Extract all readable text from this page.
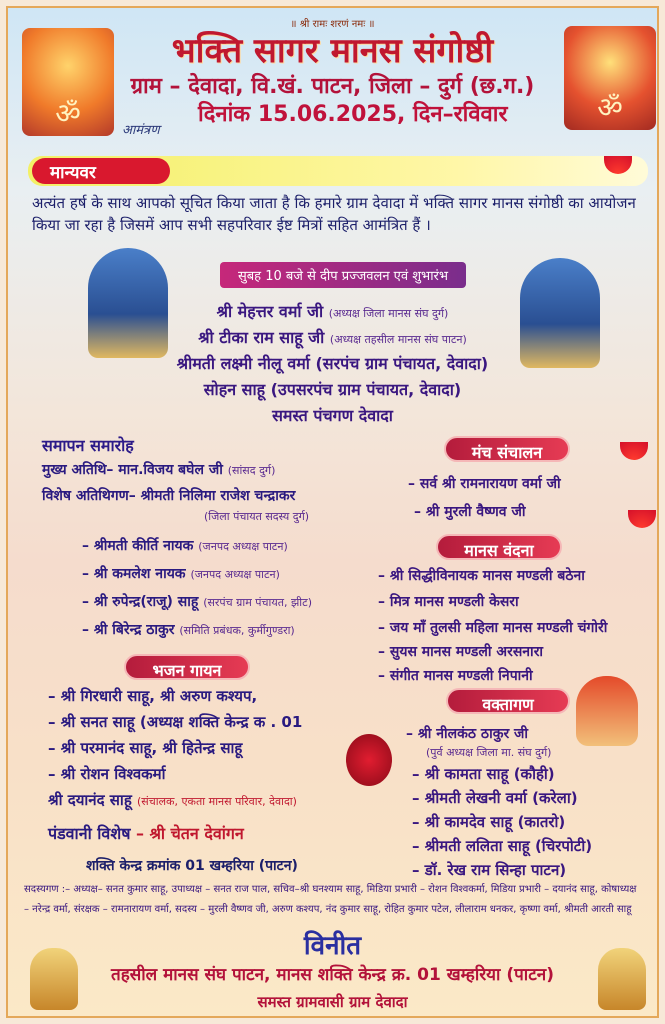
ॐ	ॐ
॥ श्री रामः शरणं नमः ॥
भक्ति सागर मानस संगोष्ठी
ग्राम – देवादा, वि.खं. पाटन, जिला – दुर्ग (छ.ग.)
आमंत्रण
दिनांक 15.06.2025, दिन–रविवार
मान्यवर
अत्यंत हर्ष के साथ आपको सूचित किया जाता है कि हमारे ग्राम देवादा में भक्ति सागर मानस संगोष्ठी का आयोजन किया जा रहा है जिसमें आप सभी सहपरिवार ईष्ट मित्रों सहित आमंत्रित हैं ।
सुबह 10 बजे से दीप प्रज्जवलन एवं शुभारंभ
श्री मेहत्तर वर्मा जी (अध्यक्ष जिला मानस संघ दुर्ग)
श्री टीका राम साहू जी (अध्यक्ष तहसील मानस संघ पाटन)
श्रीमती लक्ष्मी नीलू वर्मा (सरपंच ग्राम पंचायत, देवादा)
सोहन साहू (उपसरपंच ग्राम पंचायत, देवादा)
समस्त पंचगण देवादा
समापन समारोह
मुख्य अतिथि– मान.विजय बघेल जी (सांसद दुर्ग)
विशेष अतिथिगण– श्रीमती निलिमा राजेश चन्द्राकर
(जिला पंचायत सदस्य दुर्ग)
– श्रीमती कीर्ति नायक (जनपद अध्यक्ष पाटन)
– श्री कमलेश नायक (जनपद अध्यक्ष पाटन)
– श्री रुपेन्द्र(राजू) साहू (सरपंच ग्राम पंचायत, झीट)
– श्री बिरेन्द्र ठाकुर (समिति प्रबंधक, कुर्मीगुण्डरा)
मंच संचालन
– सर्व श्री रामनारायण वर्मा जी
– श्री मुरली वैष्णव जी
मानस वंदना
– श्री सिद्धीविनायक मानस मण्डली बठेना
– मित्र मानस मण्डली केसरा
– जय माँ तुलसी महिला मानस मण्डली चंगोरी
– सुयस मानस मण्डली अरसनारा
– संगीत मानस मण्डली निपानी
भजन गायन
– श्री गिरधारी साहू, श्री अरुण कश्यप,
– श्री सनत साहू (अध्यक्ष शक्ति केन्द्र क . 01
– श्री परमानंद साहू, श्री हितेन्द्र साहू
– श्री रोशन विश्वकर्मा
श्री दयानंद साहू (संचालक, एकता मानस परिवार, देवादा)
पंडवानी विशेष – श्री चेतन देवांगन
शक्ति केन्द्र क्रमांक 01 खम्हरिया (पाटन)
वक्तागण
– श्री नीलकंठ ठाकुर जी
(पुर्व अध्यक्ष जिला मा. संघ दुर्ग)
– श्री कामता साहू (कौही)
– श्रीमती लेखनी वर्मा (करेला)
– श्री कामदेव साहू (कातरो)
– श्रीमती ललिता साहू (चिरपोटी)
– डॉ. रेख राम सिन्हा पाटन)
सदस्यगण :– अध्यक्ष– सनत कुमार साहू, उपाध्यक्ष – सनत राज पाल, सचिव–श्री घनश्याम साहू, मिडिया प्रभारी – रोशन विश्वकर्मा, मिडिया प्रभारी – दयानंद साहू, कोषाध्यक्ष
– नरेन्द्र वर्मा, संरक्षक – रामनारायण वर्मा, सदस्य – मुरली वैष्णव जी, अरुण कश्यप, नंद कुमार साहू, रोहित कुमार पटेल, लीलाराम धनकर, कृष्णा वर्मा, श्रीमती आरती साहू
विनीत
तहसील मानस संघ पाटन, मानस शक्ति केन्द्र क्र. 01 खम्हरिया (पाटन)
समस्त ग्रामवासी ग्राम देवादा
